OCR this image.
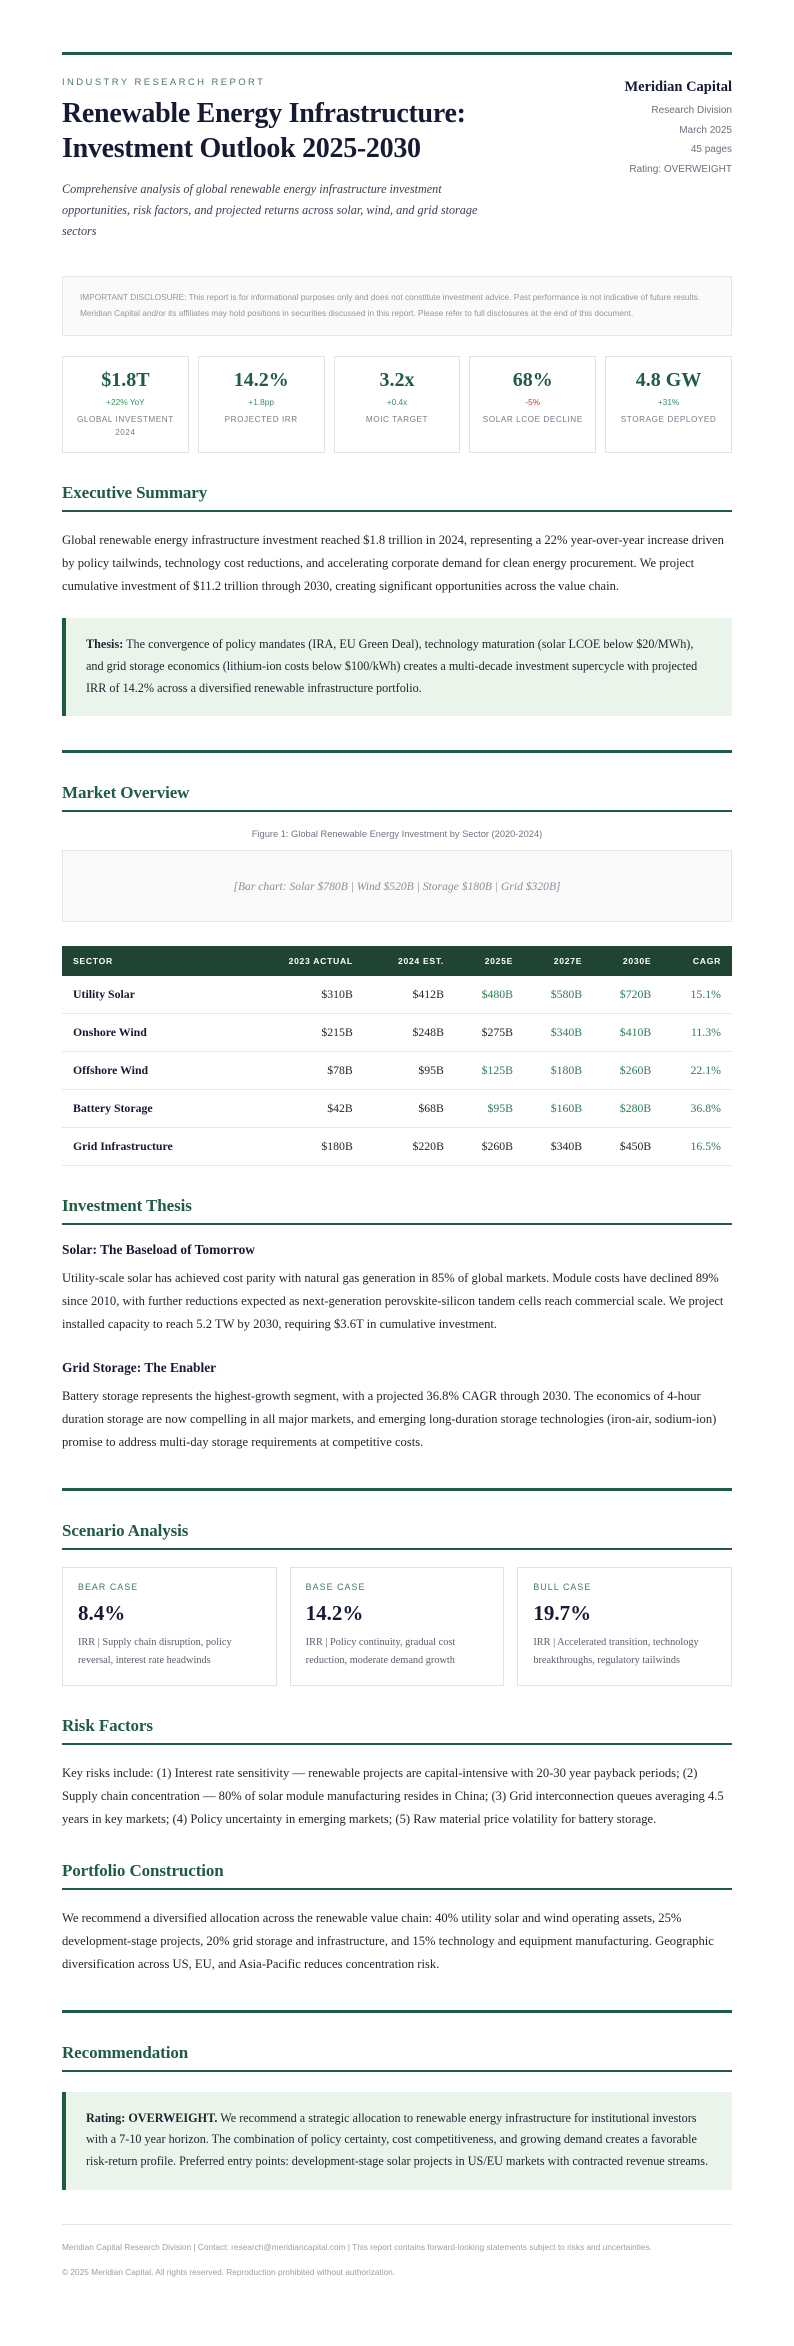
INDUSTRY RESEARCH REPORT
Renewable Energy Infrastructure: Investment Outlook 2025-2030
Comprehensive analysis of global renewable energy infrastructure investment opportunities, risk factors, and projected returns across solar, wind, and grid storage sectors
Meridian Capital
Research Division
March 2025
45 pages
Rating: OVERWEIGHT

IMPORTANT DISCLOSURE: This report is for informational purposes only and does not constitute investment advice. Past performance is not indicative of future results. Meridian Capital and/or its affiliates may hold positions in securities discussed in this report. Please refer to full disclosures at the end of this document.

$1.8T
+22% YoY
GLOBAL INVESTMENT 2024
14.2%
+1.8pp
PROJECTED IRR
3.2x
+0.4x
MOIC TARGET
68%
-5%
SOLAR LCOE DECLINE
4.8 GW
+31%
STORAGE DEPLOYED
Executive Summary

Global renewable energy infrastructure investment reached $1.8 trillion in 2024, representing a 22% year-over-year increase driven by policy tailwinds, technology cost reductions, and accelerating corporate demand for clean energy procurement. We project cumulative investment of $11.2 trillion through 2030, creating significant opportunities across the value chain.

Thesis: The convergence of policy mandates (IRA, EU Green Deal), technology maturation (solar LCOE below $20/MWh), and grid storage economics (lithium-ion costs below $100/kWh) creates a multi-decade investment supercycle with projected IRR of 14.2% across a diversified renewable infrastructure portfolio.

Market Overview
Figure 1: Global Renewable Energy Investment by Sector (2020-2024)
[Bar chart: Solar $780B | Wind $520B | Storage $180B | Grid $320B]
SECTOR	2023 ACTUAL	2024 EST.	2025E	2027E	2030E	CAGR
Utility Solar	$310B	$412B	$480B	$580B	$720B	15.1%
Onshore Wind	$215B	$248B	$275B	$340B	$410B	11.3%
Offshore Wind	$78B	$95B	$125B	$180B	$260B	22.1%
Battery Storage	$42B	$68B	$95B	$160B	$280B	36.8%
Grid Infrastructure	$180B	$220B	$260B	$340B	$450B	16.5%
Investment Thesis
Solar: The Baseload of Tomorrow

Utility-scale solar has achieved cost parity with natural gas generation in 85% of global markets. Module costs have declined 89% since 2010, with further reductions expected as next-generation perovskite-silicon tandem cells reach commercial scale. We project installed capacity to reach 5.2 TW by 2030, requiring $3.6T in cumulative investment.

Grid Storage: The Enabler

Battery storage represents the highest-growth segment, with a projected 36.8% CAGR through 2030. The economics of 4-hour duration storage are now compelling in all major markets, and emerging long-duration storage technologies (iron-air, sodium-ion) promise to address multi-day storage requirements at competitive costs.

Scenario Analysis
BEAR CASE
8.4%
IRR | Supply chain disruption, policy reversal, interest rate headwinds
BASE CASE
14.2%
IRR | Policy continuity, gradual cost reduction, moderate demand growth
BULL CASE
19.7%
IRR | Accelerated transition, technology breakthroughs, regulatory tailwinds
Risk Factors

Key risks include: (1) Interest rate sensitivity — renewable projects are capital-intensive with 20-30 year payback periods; (2) Supply chain concentration — 80% of solar module manufacturing resides in China; (3) Grid interconnection queues averaging 4.5 years in key markets; (4) Policy uncertainty in emerging markets; (5) Raw material price volatility for battery storage.

Portfolio Construction

We recommend a diversified allocation across the renewable value chain: 40% utility solar and wind operating assets, 25% development-stage projects, 20% grid storage and infrastructure, and 15% technology and equipment manufacturing. Geographic diversification across US, EU, and Asia-Pacific reduces concentration risk.

Recommendation

Rating: OVERWEIGHT. We recommend a strategic allocation to renewable energy infrastructure for institutional investors with a 7-10 year horizon. The combination of policy certainty, cost competitiveness, and growing demand creates a favorable risk-return profile. Preferred entry points: development-stage solar projects in US/EU markets with contracted revenue streams.

Meridian Capital Research Division | Contact: research@meridiancapital.com | This report contains forward-looking statements subject to risks and uncertainties.

© 2025 Meridian Capital. All rights reserved. Reproduction prohibited without authorization.
